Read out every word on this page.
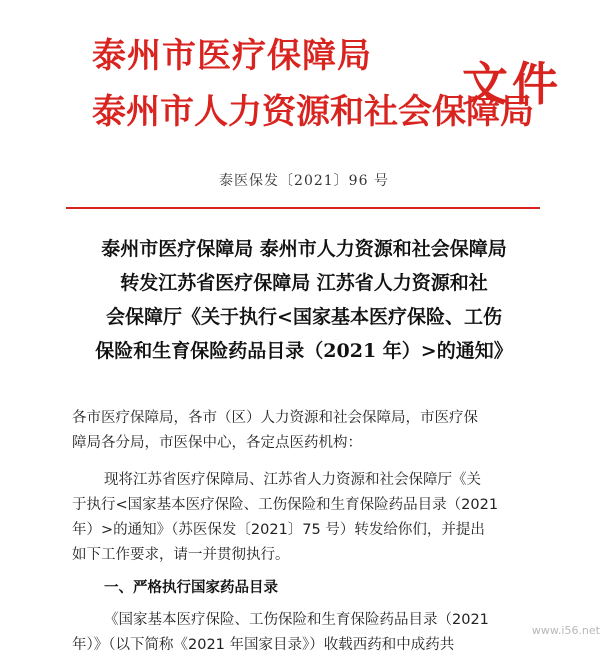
泰州市医疗保障局
泰州市人力资源和社会保障局
文件
泰医保发〔2021〕96 号
泰州市医疗保障局 泰州市人力资源和社会保障局
转发江苏省医疗保障局 江苏省人力资源和社
会保障厅《关于执行<国家基本医疗保险、工伤
保险和生育保险药品目录（2021 年）>的通知》
各市医疗保障局，各市（区）人力资源和社会保障局，市医疗保
障局各分局，市医保中心，各定点医药机构：
现将江苏省医疗保障局、江苏省人力资源和社会保障厅《关
于执行<国家基本医疗保险、工伤保险和生育保险药品目录（2021
年）>的通知》（苏医保发〔2021〕75 号）转发给你们，并提出
如下工作要求，请一并贯彻执行。
一、严格执行国家药品目录
《国家基本医疗保险、工伤保险和生育保险药品目录（2021
年）》（以下简称《2021 年国家目录》）收载西药和中成药共
www.i56.net
